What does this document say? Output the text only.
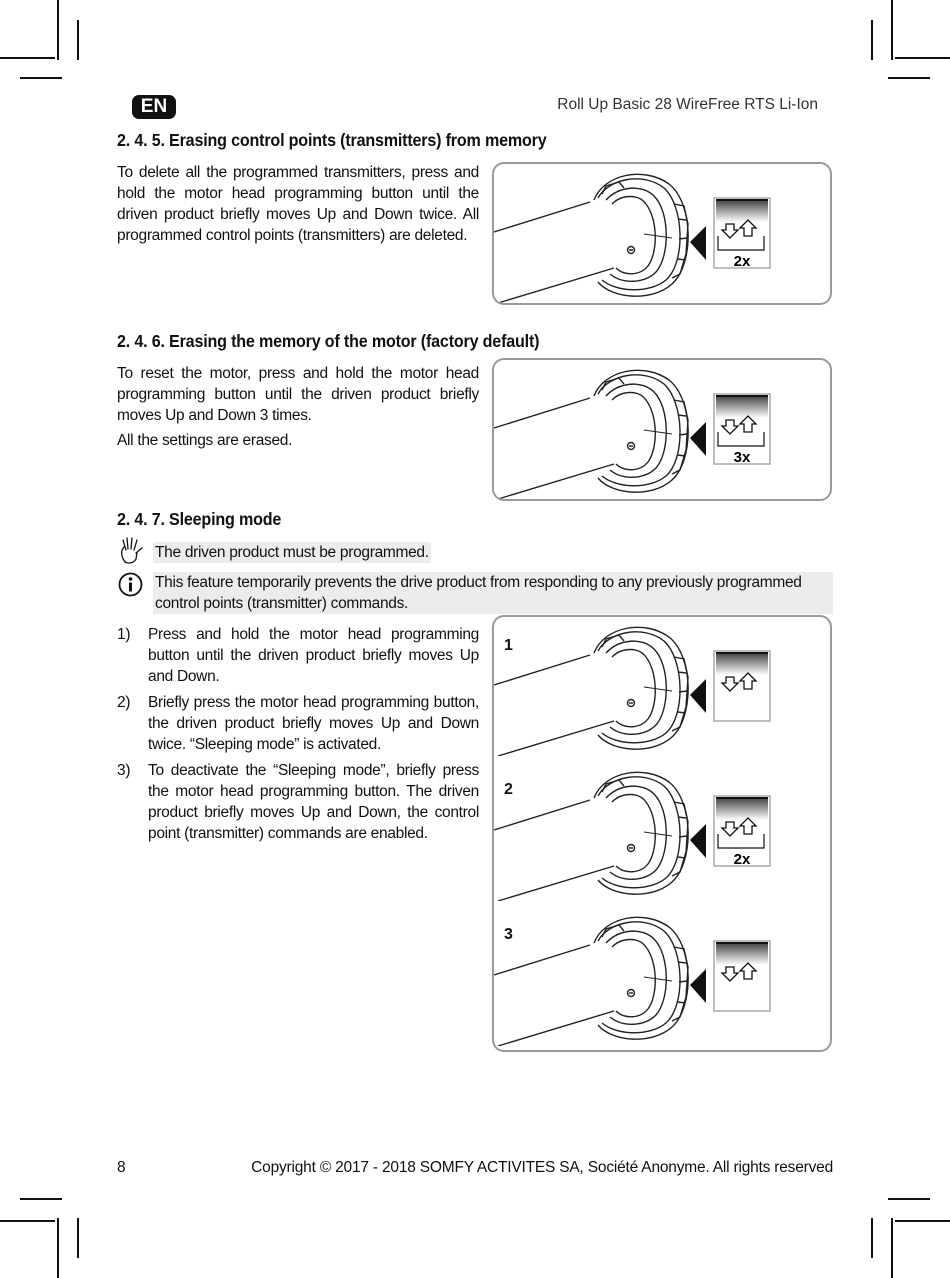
EN	Roll Up Basic 28 WireFree RTS Li-Ion
2. 4. 5. Erasing control points (transmitters) from memory

To delete all the programmed transmitters, press and hold the motor head programming button until the driven product briefly moves Up and Down twice. All programmed control points (transmitters) are deleted.

2x
2. 4. 6. Erasing the memory of the motor (factory default)

To reset the motor, press and hold the motor head programming button until the driven product briefly moves Up and Down 3 times.

All the settings are erased.

3x
2. 4. 7. Sleeping mode
The driven product must be programmed.
This feature temporarily prevents the drive product from responding to any previously programmed control points (transmitter) commands.
1) Press and hold the motor head programming button until the driven product briefly moves Up and Down.
2) Briefly press the motor head programming button, the driven product briefly moves Up and Down twice. “Sleeping mode” is activated.
3) To deactivate the “Sleeping mode”, briefly press the motor head programming button. The driven product briefly moves Up and Down, the control point (transmitter) commands are enabled.
1
2
3
2x
8	Copyright © 2017 - 2018 SOMFY ACTIVITES SA, Société Anonyme. All rights reserved
